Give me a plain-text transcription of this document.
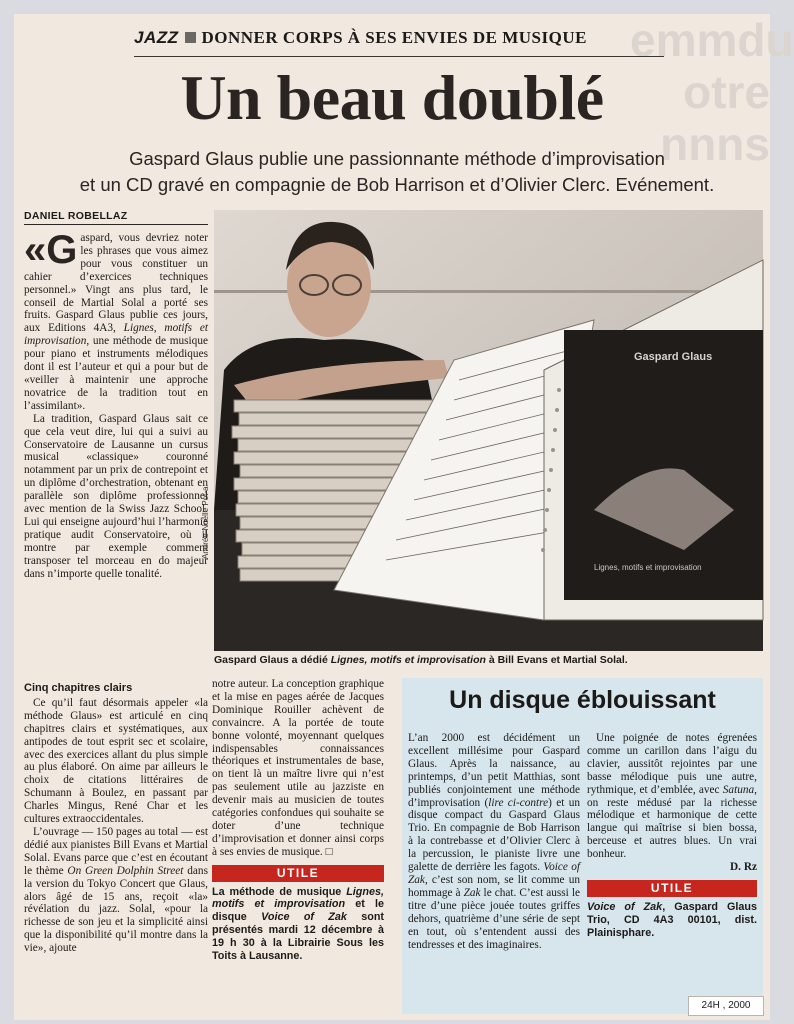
emmdu
otre
nnns
JAZZ DONNER CORPS À SES ENVIES DE MUSIQUE
Un beau doublé
Gaspard Glaus publie une passionnante méthode d’improvisation
et un CD gravé en compagnie de Bob Harrison et d’Olivier Clerc. Evénement.
DANIEL ROBELLAZ

«Gaspard, vous devriez noter les phrases que vous aimez pour vous constituer un cahier d’exercices techniques personnel.» Vingt ans plus tard, le conseil de Martial Solal a porté ses fruits. Gaspard Glaus publie ces jours, aux Editions 4A3, Lignes, motifs et improvisation, une méthode de musique pour piano et instruments mélodiques dont il est l’auteur et qui a pour but de «veiller à maintenir une approche novatrice de la tradition tout en l’assimilant».

La tradition, Gaspard Glaus sait ce que cela veut dire, lui qui a suivi au Conservatoire de Lausanne un cursus musical «classique» couronné notamment par un prix de contrepoint et un diplôme d’orchestration, obtenant en parallèle son diplôme professionnel avec mention de la Swiss Jazz School. Lui qui enseigne aujourd’hui l’harmonie pratique audit Conservatoire, où il montre par exemple comment transposer tel morceau en do majeur dans n’importe quelle tonalité.

Cinq chapitres clairs

Ce qu’il faut désormais appeler «la méthode Glaus» est articulé en cinq chapitres clairs et systématiques, aux antipodes de tout esprit sec et scolaire, avec des exercices allant du plus simple au plus élaboré. On aime par ailleurs le choix de citations littéraires de Schumann à Boulez, en passant par Charles Mingus, René Char et les cultures extraoccidentales.

L’ouvrage — 150 pages au total — est dédié aux pianistes Bill Evans et Martial Solal. Evans parce que c’est en écoutant le thème On Green Dolphin Street dans la version du Tokyo Concert que Glaus, alors âgé de 15 ans, reçoit «la» révélation du jazz. Solal, «pour la richesse de son jeu et la simplicité ainsi que la disponibilité qu’il montre dans la vie», ajoute

notre auteur. La conception graphique et la mise en pages aérée de Jacques Dominique Rouiller achèvent de convaincre. A la portée de toute bonne volonté, moyennant quelques indispensables connaissances théoriques et instrumentales de base, on tient là un maître livre qui n’est pas seulement utile au jazziste en devenir mais au musicien de toutes catégories confondues qui souhaite se doter d’une technique d’improvisation et donner ainsi corps à ses envies de musique. □

UTILE
La méthode de musique Lignes, motifs et improvisation et le disque Voice of Zak sont présentés mardi 12 décembre à 19 h 30 à la Librairie Sous les Toits à Lausanne.
Gaspard Glaus
Lignes, motifs et improvisation
Andrée-Noëlle Pot-a
Gaspard Glaus a dédié Lignes, motifs et improvisation à Bill Evans et Martial Solal.
Un disque éblouissant

L’an 2000 est décidément un excellent millésime pour Gaspard Glaus. Après la naissance, au printemps, d’un petit Matthias, sont publiés conjointement une méthode d’improvisation (lire ci-contre) et un disque compact du Gaspard Glaus Trio. En compagnie de Bob Harrison à la contrebasse et d’Olivier Clerc à la percussion, le pianiste livre une galette de derrière les fagots. Voice of Zak, c’est son nom, se lit comme un hommage à Zak le chat. C’est aussi le titre d’une pièce jouée toutes griffes dehors, quatrième d’une série de sept en tout, où s’entendent aussi des tendresses et des imaginaires.

Une poignée de notes égrenées comme un carillon dans l’aigu du clavier, aussitôt rejointes par une basse mélodique puis une autre, rythmique, et d’emblée, avec Satuna, on reste médusé par la richesse mélodique et harmonique de cette langue qui maîtrise si bien bossa, berceuse et autres blues. Un vrai bonheur.

D. Rz

UTILE
Voice of Zak, Gaspard Glaus Trio, CD 4A3 00101, dist. Plainisphare.
24H , 2000
